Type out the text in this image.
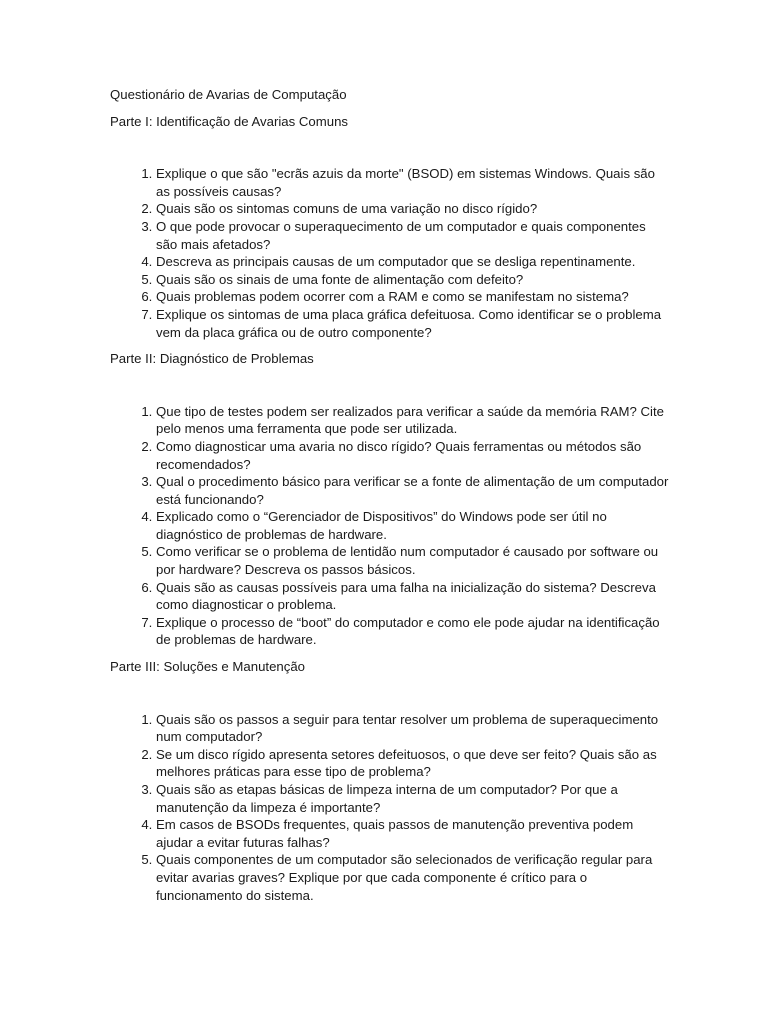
Questionário de Avarias de Computação

Parte I: Identificação de Avarias Comuns

1. Explique o que são "ecrãs azuis da morte" (BSOD) em sistemas Windows. Quais são as possíveis causas?
2. Quais são os sintomas comuns de uma variação no disco rígido?
3. O que pode provocar o superaquecimento de um computador e quais componentes são mais afetados?
4. Descreva as principais causas de um computador que se desliga repentinamente.
5. Quais são os sinais de uma fonte de alimentação com defeito?
6. Quais problemas podem ocorrer com a RAM e como se manifestam no sistema?
7. Explique os sintomas de uma placa gráfica defeituosa. Como identificar se o problema vem da placa gráfica ou de outro componente?

Parte II: Diagnóstico de Problemas

1. Que tipo de testes podem ser realizados para verificar a saúde da memória RAM? Cite pelo menos uma ferramenta que pode ser utilizada.
2. Como diagnosticar uma avaria no disco rígido? Quais ferramentas ou métodos são recomendados?
3. Qual o procedimento básico para verificar se a fonte de alimentação de um computador está funcionando?
4. Explicado como o “Gerenciador de Dispositivos” do Windows pode ser útil no diagnóstico de problemas de hardware.
5. Como verificar se o problema de lentidão num computador é causado por software ou por hardware? Descreva os passos básicos.
6. Quais são as causas possíveis para uma falha na inicialização do sistema? Descreva como diagnosticar o problema.
7. Explique o processo de “boot” do computador e como ele pode ajudar na identificação de problemas de hardware.

Parte III: Soluções e Manutenção

1. Quais são os passos a seguir para tentar resolver um problema de superaquecimento num computador?
2. Se um disco rígido apresenta setores defeituosos, o que deve ser feito? Quais são as melhores práticas para esse tipo de problema?
3. Quais são as etapas básicas de limpeza interna de um computador? Por que a manutenção da limpeza é importante?
4. Em casos de BSODs frequentes, quais passos de manutenção preventiva podem ajudar a evitar futuras falhas?
5. Quais componentes de um computador são selecionados de verificação regular para evitar avarias graves? Explique por que cada componente é crítico para o funcionamento do sistema.
